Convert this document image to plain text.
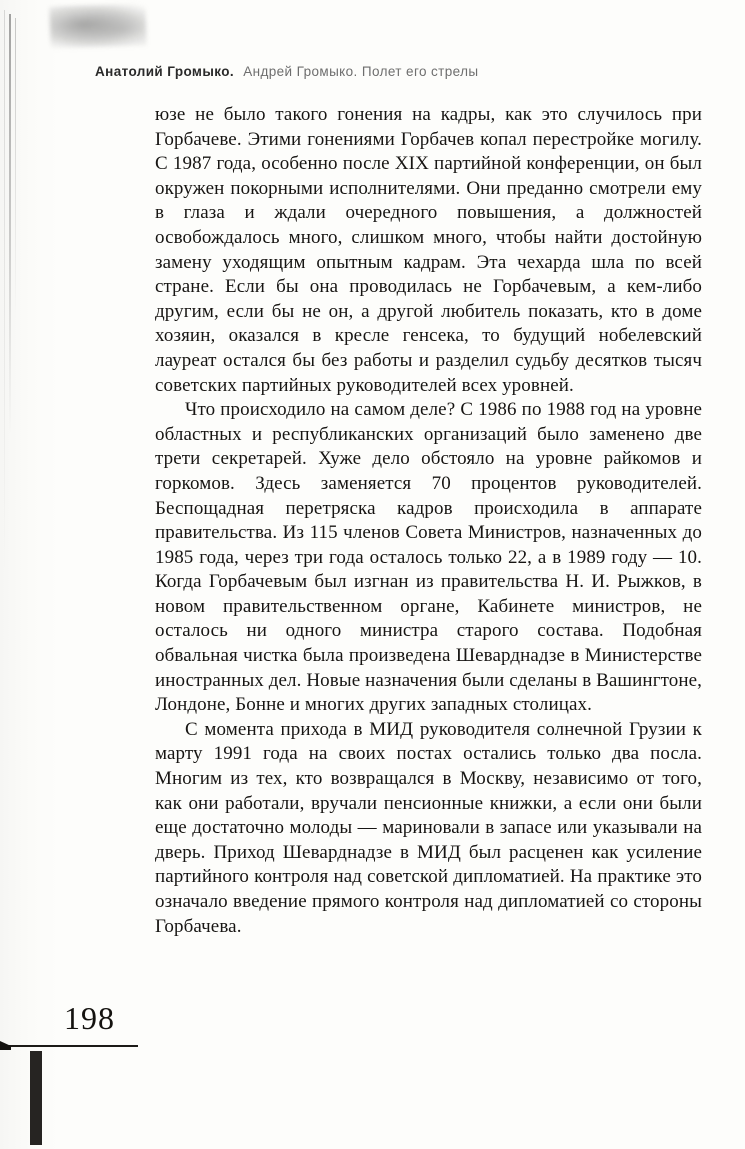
Анатолий Громыко. Андрей Громыко. Полет его стрелы

юзе не было такого гонения на кадры, как это случилось при Горбачеве. Этими гонениями Горбачев копал перестройке могилу. С 1987 года, особенно после XIX партийной конференции, он был окружен покорными исполнителями. Они преданно смотрели ему в глаза и ждали очередного повышения, а должностей освобождалось много, слишком много, чтобы найти достойную замену уходящим опытным кадрам. Эта чехарда шла по всей стране. Если бы она проводилась не Горбачевым, а кем-либо другим, если бы не он, а другой любитель показать, кто в доме хозяин, оказался в кресле генсека, то будущий нобелевский лауреат остался бы без работы и разделил судьбу десятков тысяч советских партийных руководителей всех уровней.

Что происходило на самом деле? С 1986 по 1988 год на уровне областных и республиканских организаций было заменено две трети секретарей. Хуже дело обстояло на уровне райкомов и горкомов. Здесь заменяется 70 процентов руководителей. Беспощадная перетряска кадров происходила в аппарате правительства. Из 115 членов Совета Министров, назначенных до 1985 года, через три года осталось только 22, а в 1989 году — 10. Когда Горбачевым был изгнан из правительства Н. И. Рыжков, в новом правительственном органе, Кабинете министров, не осталось ни одного министра старого состава. Подобная обвальная чистка была произведена Шеварднадзе в Министерстве иностранных дел. Новые назначения были сделаны в Вашингтоне, Лондоне, Бонне и многих других западных столицах.

С момента прихода в МИД руководителя солнечной Грузии к марту 1991 года на своих постах остались только два посла. Многим из тех, кто возвращался в Москву, независимо от того, как они работали, вручали пенсионные книжки, а если они были еще достаточно молоды — мариновали в запасе или указывали на дверь. Приход Шеварднадзе в МИД был расценен как усиление партийного контроля над советской дипломатией. На практике это означало введение прямого контроля над дипломатией со стороны Горбачева.

198
